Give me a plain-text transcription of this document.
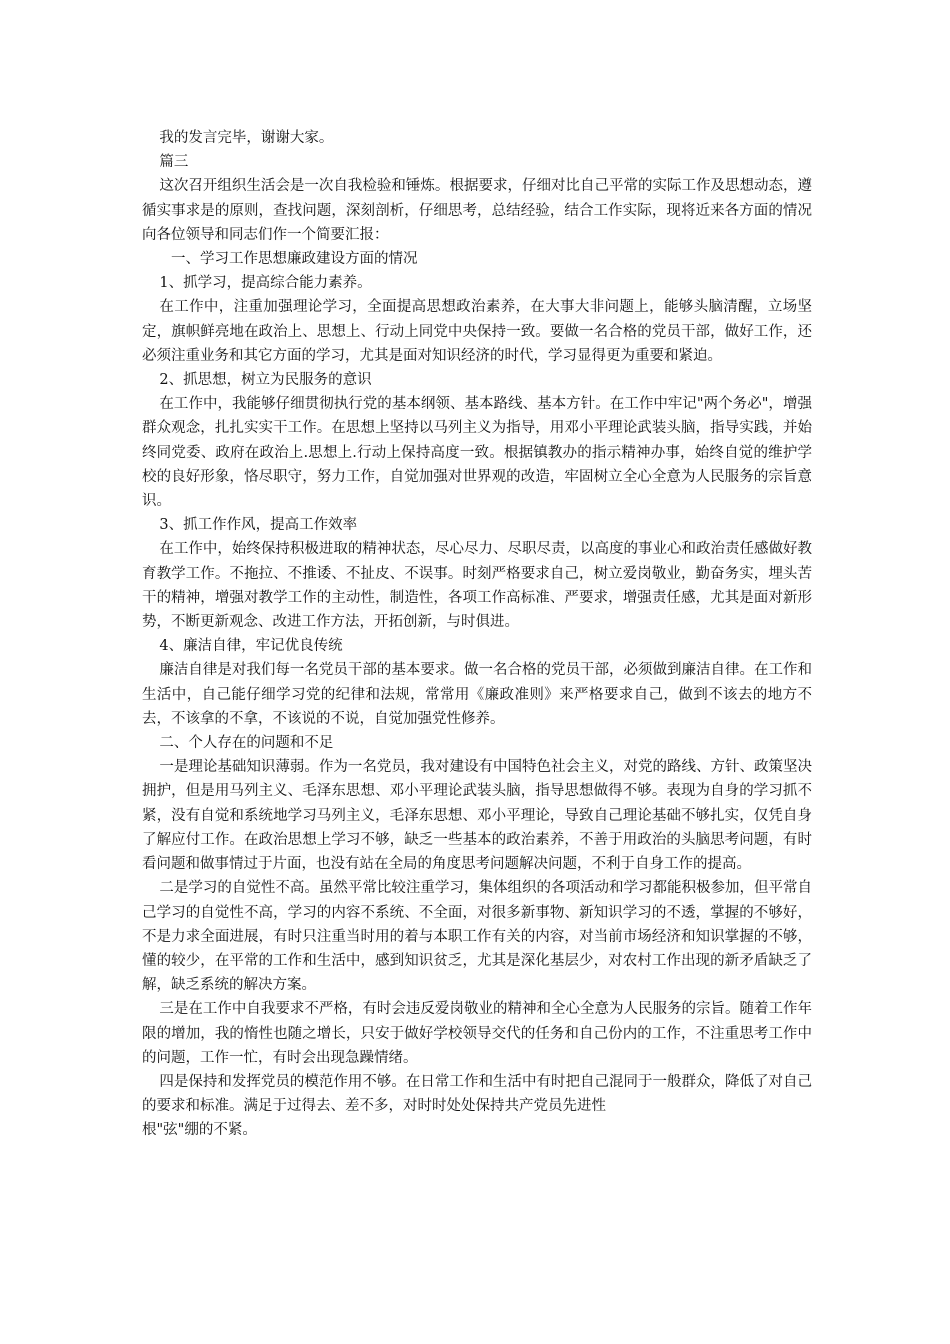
我的发言完毕，谢谢大家。

篇三

这次召开组织生活会是一次自我检验和锤炼。根据要求，仔细对比自己平常的实际工作及思想动态，遵循实事求是的原则，查找问题，深刻剖析，仔细思考，总结经验，结合工作实际，现将近来各方面的情况向各位领导和同志们作一个简要汇报：

一、学习工作思想廉政建设方面的情况

1、抓学习，提高综合能力素养。

在工作中，注重加强理论学习，全面提高思想政治素养，在大事大非问题上，能够头脑清醒，立场坚定，旗帜鲜亮地在政治上、思想上、行动上同党中央保持一致。要做一名合格的党员干部，做好工作，还必须注重业务和其它方面的学习，尤其是面对知识经济的时代，学习显得更为重要和紧迫。

2、抓思想，树立为民服务的意识

在工作中，我能够仔细贯彻执行党的基本纲领、基本路线、基本方针。在工作中牢记"两个务必"，增强群众观念，扎扎实实干工作。在思想上坚持以马列主义为指导，用邓小平理论武装头脑，指导实践，并始终同党委、政府在政治上.思想上.行动上保持高度一致。根据镇教办的指示精神办事，始终自觉的维护学校的良好形象，恪尽职守，努力工作，自觉加强对世界观的改造，牢固树立全心全意为人民服务的宗旨意识。

3、抓工作作风，提高工作效率

在工作中，始终保持积极进取的精神状态，尽心尽力、尽职尽责，以高度的事业心和政治责任感做好教育教学工作。不拖拉、不推诿、不扯皮、不误事。时刻严格要求自己，树立爱岗敬业，勤奋务实，埋头苦干的精神，增强对教学工作的主动性，制造性，各项工作高标准、严要求，增强责任感，尤其是面对新形势，不断更新观念、改进工作方法，开拓创新，与时俱进。

4、廉洁自律，牢记优良传统

廉洁自律是对我们每一名党员干部的基本要求。做一名合格的党员干部，必须做到廉洁自律。在工作和生活中，自己能仔细学习党的纪律和法规，常常用《廉政准则》来严格要求自己，做到不该去的地方不去，不该拿的不拿，不该说的不说，自觉加强党性修养。

二、个人存在的问题和不足

一是理论基础知识薄弱。作为一名党员，我对建设有中国特色社会主义，对党的路线、方针、政策坚决拥护，但是用马列主义、毛泽东思想、邓小平理论武装头脑，指导思想做得不够。表现为自身的学习抓不紧，没有自觉和系统地学习马列主义，毛泽东思想、邓小平理论，导致自己理论基础不够扎实，仅凭自身了解应付工作。在政治思想上学习不够，缺乏一些基本的政治素养，不善于用政治的头脑思考问题，有时看问题和做事情过于片面，也没有站在全局的角度思考问题解决问题，不利于自身工作的提高。

二是学习的自觉性不高。虽然平常比较注重学习，集体组织的各项活动和学习都能积极参加，但平常自己学习的自觉性不高，学习的内容不系统、不全面，对很多新事物、新知识学习的不透，掌握的不够好，不是力求全面进展，有时只注重当时用的着与本职工作有关的内容，对当前市场经济和知识掌握的不够，懂的较少，在平常的工作和生活中，感到知识贫乏，尤其是深化基层少，对农村工作出现的新矛盾缺乏了解，缺乏系统的解决方案。

三是在工作中自我要求不严格，有时会违反爱岗敬业的精神和全心全意为人民服务的宗旨。随着工作年限的增加，我的惰性也随之增长，只安于做好学校领导交代的任务和自己份内的工作，不注重思考工作中的问题，工作一忙，有时会出现急躁情绪。

四是保持和发挥党员的模范作用不够。在日常工作和生活中有时把自己混同于一般群众，降低了对自己的要求和标准。满足于过得去、差不多，对时时处处保持共产党员先进性

根"弦"绷的不紧。
